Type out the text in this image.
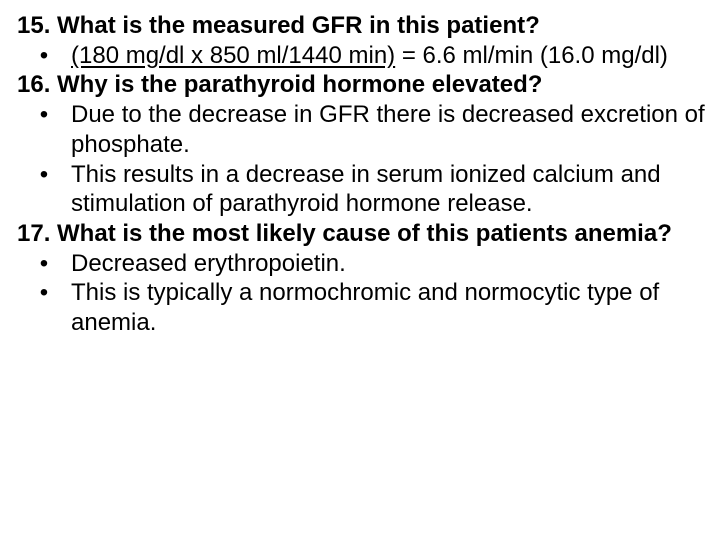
15. What is the measured GFR in this patient?

• (180 mg/dl x 850 ml/1440 min) = 6.6 ml/min (16.0 mg/dl)

16. Why is the parathyroid hormone elevated?

• Due to the decrease in GFR there is decreased excretion of phosphate.

• This results in a decrease in serum ionized calcium and stimulation of parathyroid hormone release.

17. What is the most likely cause of this patients anemia?

• Decreased erythropoietin.

• This is typically a normochromic and normocytic type of anemia.
